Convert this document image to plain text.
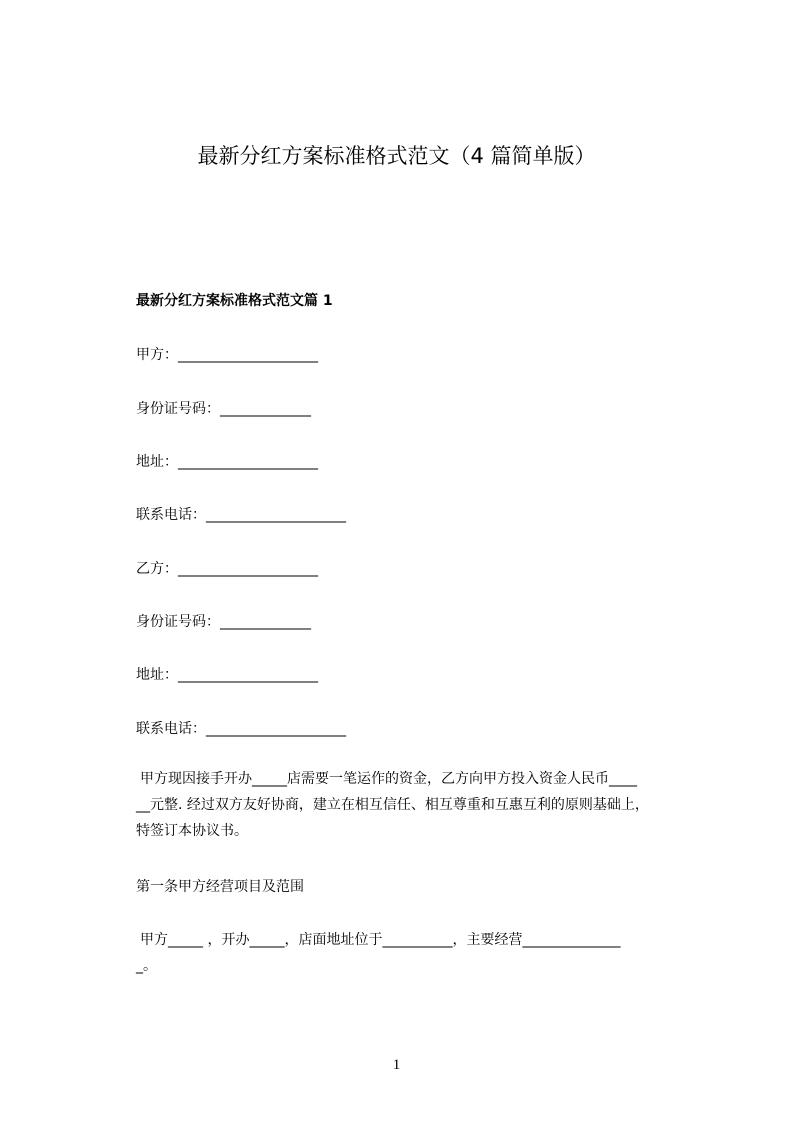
最新分红方案标准格式范文（4 篇简单版）
最新分红方案标准格式范文篇 1
甲方：____________________
身份证号码：_____________
地址：____________________
联系电话：____________________
乙方：____________________
身份证号码：_____________
地址：____________________
联系电话：____________________
甲方现因接手开办_____店需要一笔运作的资金，乙方向甲方投入资金人民币____
__元整. 经过双方友好协商，建立在相互信任、相互尊重和互惠互利的原则基础上，
特签订本协议书。
第一条甲方经营项目及范围
甲方_____ ，开办_____，店面地址位于__________，主要经营______________
_。
1
